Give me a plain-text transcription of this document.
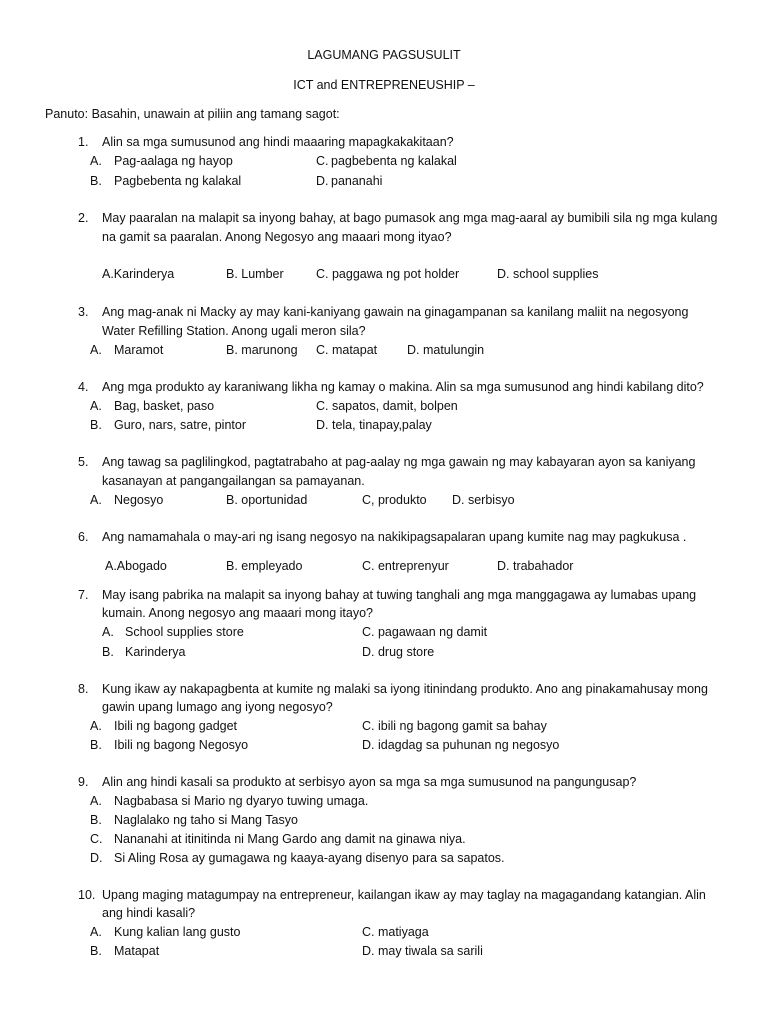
LAGUMANG PAGSUSULIT
ICT and ENTREPRENEUSHIP –
Panuto: Basahin, unawain at piliin ang tamang sagot:
1. Alin sa mga sumusunod ang hindi maaaring mapagkakakitaan?
A. Pag-aalaga ng hayop	C. pagbebenta ng kalakal
B. Pagbebenta ng kalakal	D. pananahi
2. May paaralan na malapit sa inyong bahay, at bago pumasok ang mga mag-aaral ay bumibili sila ng mga kulang
na gamit sa paaralan. Anong Negosyo ang maaari mong ityao?
A.Karinderya	B. Lumber	C. paggawa ng pot holder	D. school supplies
3. Ang mag-anak ni Macky ay may kani-kaniyang gawain na ginagampanan sa kanilang maliit na negosyong
Water Refilling Station. Anong ugali meron sila?
A. Maramot	B. marunong C. matapat D. matulungin
4. Ang mga produkto ay karaniwang likha ng kamay o makina. Alin sa mga sumusunod ang hindi kabilang dito?
A. Bag, basket, paso	C. sapatos, damit, bolpen
B. Guro, nars, satre, pintor	D. tela, tinapay,palay
5. Ang tawag sa paglilingkod, pagtatrabaho at pag-aalay ng mga gawain ng may kabayaran ayon sa kaniyang
kasanayan at pangangailangan sa pamayanan.
A. Negosyo	B. oportunidad	C, produkto D. serbisyo
6. Ang namamahala o may-ari ng isang negosyo na nakikipagsapalaran upang kumite nag may pagkukusa .
A.Abogado	B. empleyado	C. entreprenyur	D. trabahador
7. May isang pabrika na malapit sa inyong bahay at tuwing tanghali ang mga manggagawa ay lumabas upang
kumain. Anong negosyo ang maaari mong itayo?
A. School supplies store	C. pagawaan ng damit
B. Karinderya	D. drug store
8. Kung ikaw ay nakapagbenta at kumite ng malaki sa iyong itinindang produkto. Ano ang pinakamahusay mong
gawin upang lumago ang iyong negosyo?
A. Ibili ng bagong gadget	C. ibili ng bagong gamit sa bahay
B. Ibili ng bagong Negosyo	D. idagdag sa puhunan ng negosyo
9. Alin ang hindi kasali sa produkto at serbisyo ayon sa mga sa mga sumusunod na pangungusap?
A. Nagbabasa si Mario ng dyaryo tuwing umaga.
B. Naglalako ng taho si Mang Tasyo
C. Nananahi at itinitinda ni Mang Gardo ang damit na ginawa niya.
D. Si Aling Rosa ay gumagawa ng kaaya-ayang disenyo para sa sapatos.
10. Upang maging matagumpay na entrepreneur, kailangan ikaw ay may taglay na magagandang katangian. Alin
ang hindi kasali?
A. Kung kalian lang gusto	C. matiyaga
B. Matapat	D. may tiwala sa sarili
